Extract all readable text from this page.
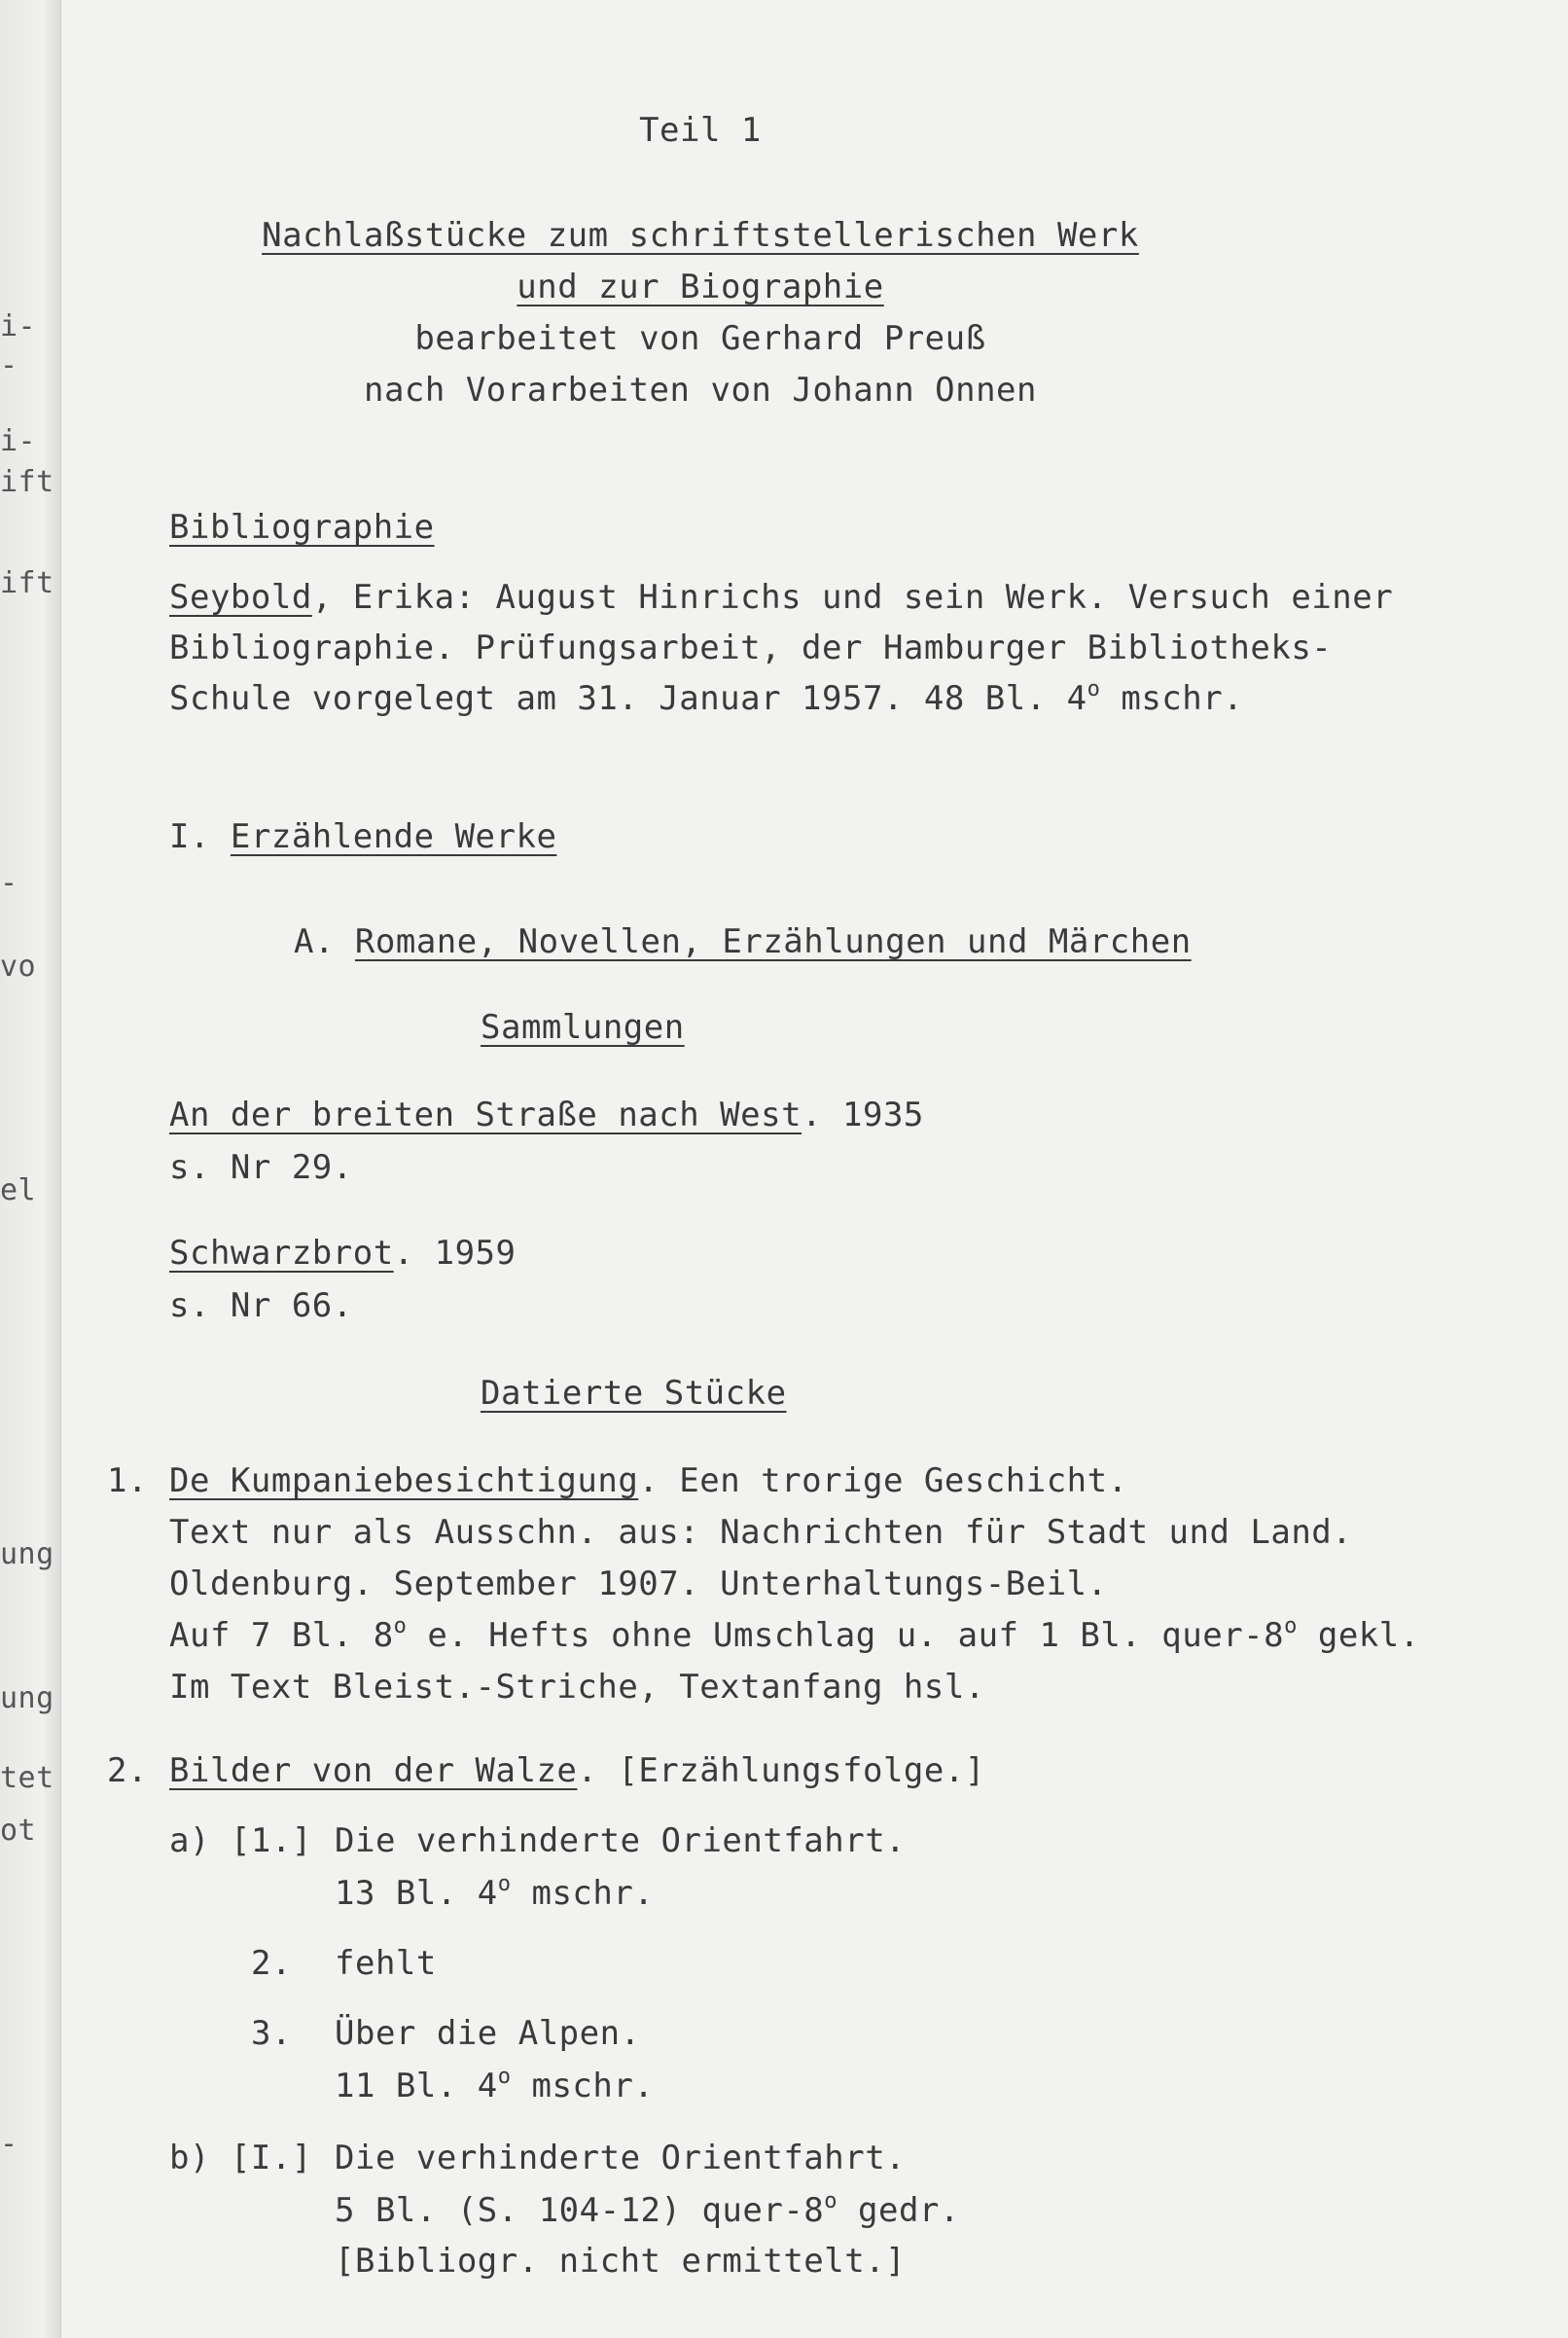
i-
-
i-
ift
ift
-
vo
el
ung
ung
tet
ot
-
Teil 1
Nachlaßstücke zum schriftstellerischen Werk
und zur Biographie
bearbeitet von Gerhard Preuß
nach Vorarbeiten von Johann Onnen
Bibliographie
Seybold, Erika: August Hinrichs und sein Werk. Versuch einer
Bibliographie. Prüfungsarbeit, der Hamburger Bibliotheks-
Schule vorgelegt am 31. Januar 1957. 48 Bl. 4$^o$ mschr.
I. Erzählende Werke
A. Romane, Novellen, Erzählungen und Märchen
Sammlungen
An der breiten Straße nach West. 1935
s. Nr 29.
Schwarzbrot. 1959
s. Nr 66.
Datierte Stücke
1. De Kumpaniebesichtigung. Een trorige Geschicht.
Text nur als Ausschn. aus: Nachrichten für Stadt und Land.
Oldenburg. September 1907. Unterhaltungs-Beil.
Auf 7 Bl. 8$^o$ e. Hefts ohne Umschlag u. auf 1 Bl. quer-8$^o$ gekl.
Im Text Bleist.-Striche, Textanfang hsl.
2. Bilder von der Walze. [Erzählungsfolge.]
a) [1.] Die verhinderte Orientfahrt.
13 Bl. 4$^o$ mschr.
2. fehlt
3. Über die Alpen.
11 Bl. 4$^o$ mschr.
b) [I.] Die verhinderte Orientfahrt.
5 Bl. (S. 104-12) quer-8$^o$ gedr.
[Bibliogr. nicht ermittelt.]
